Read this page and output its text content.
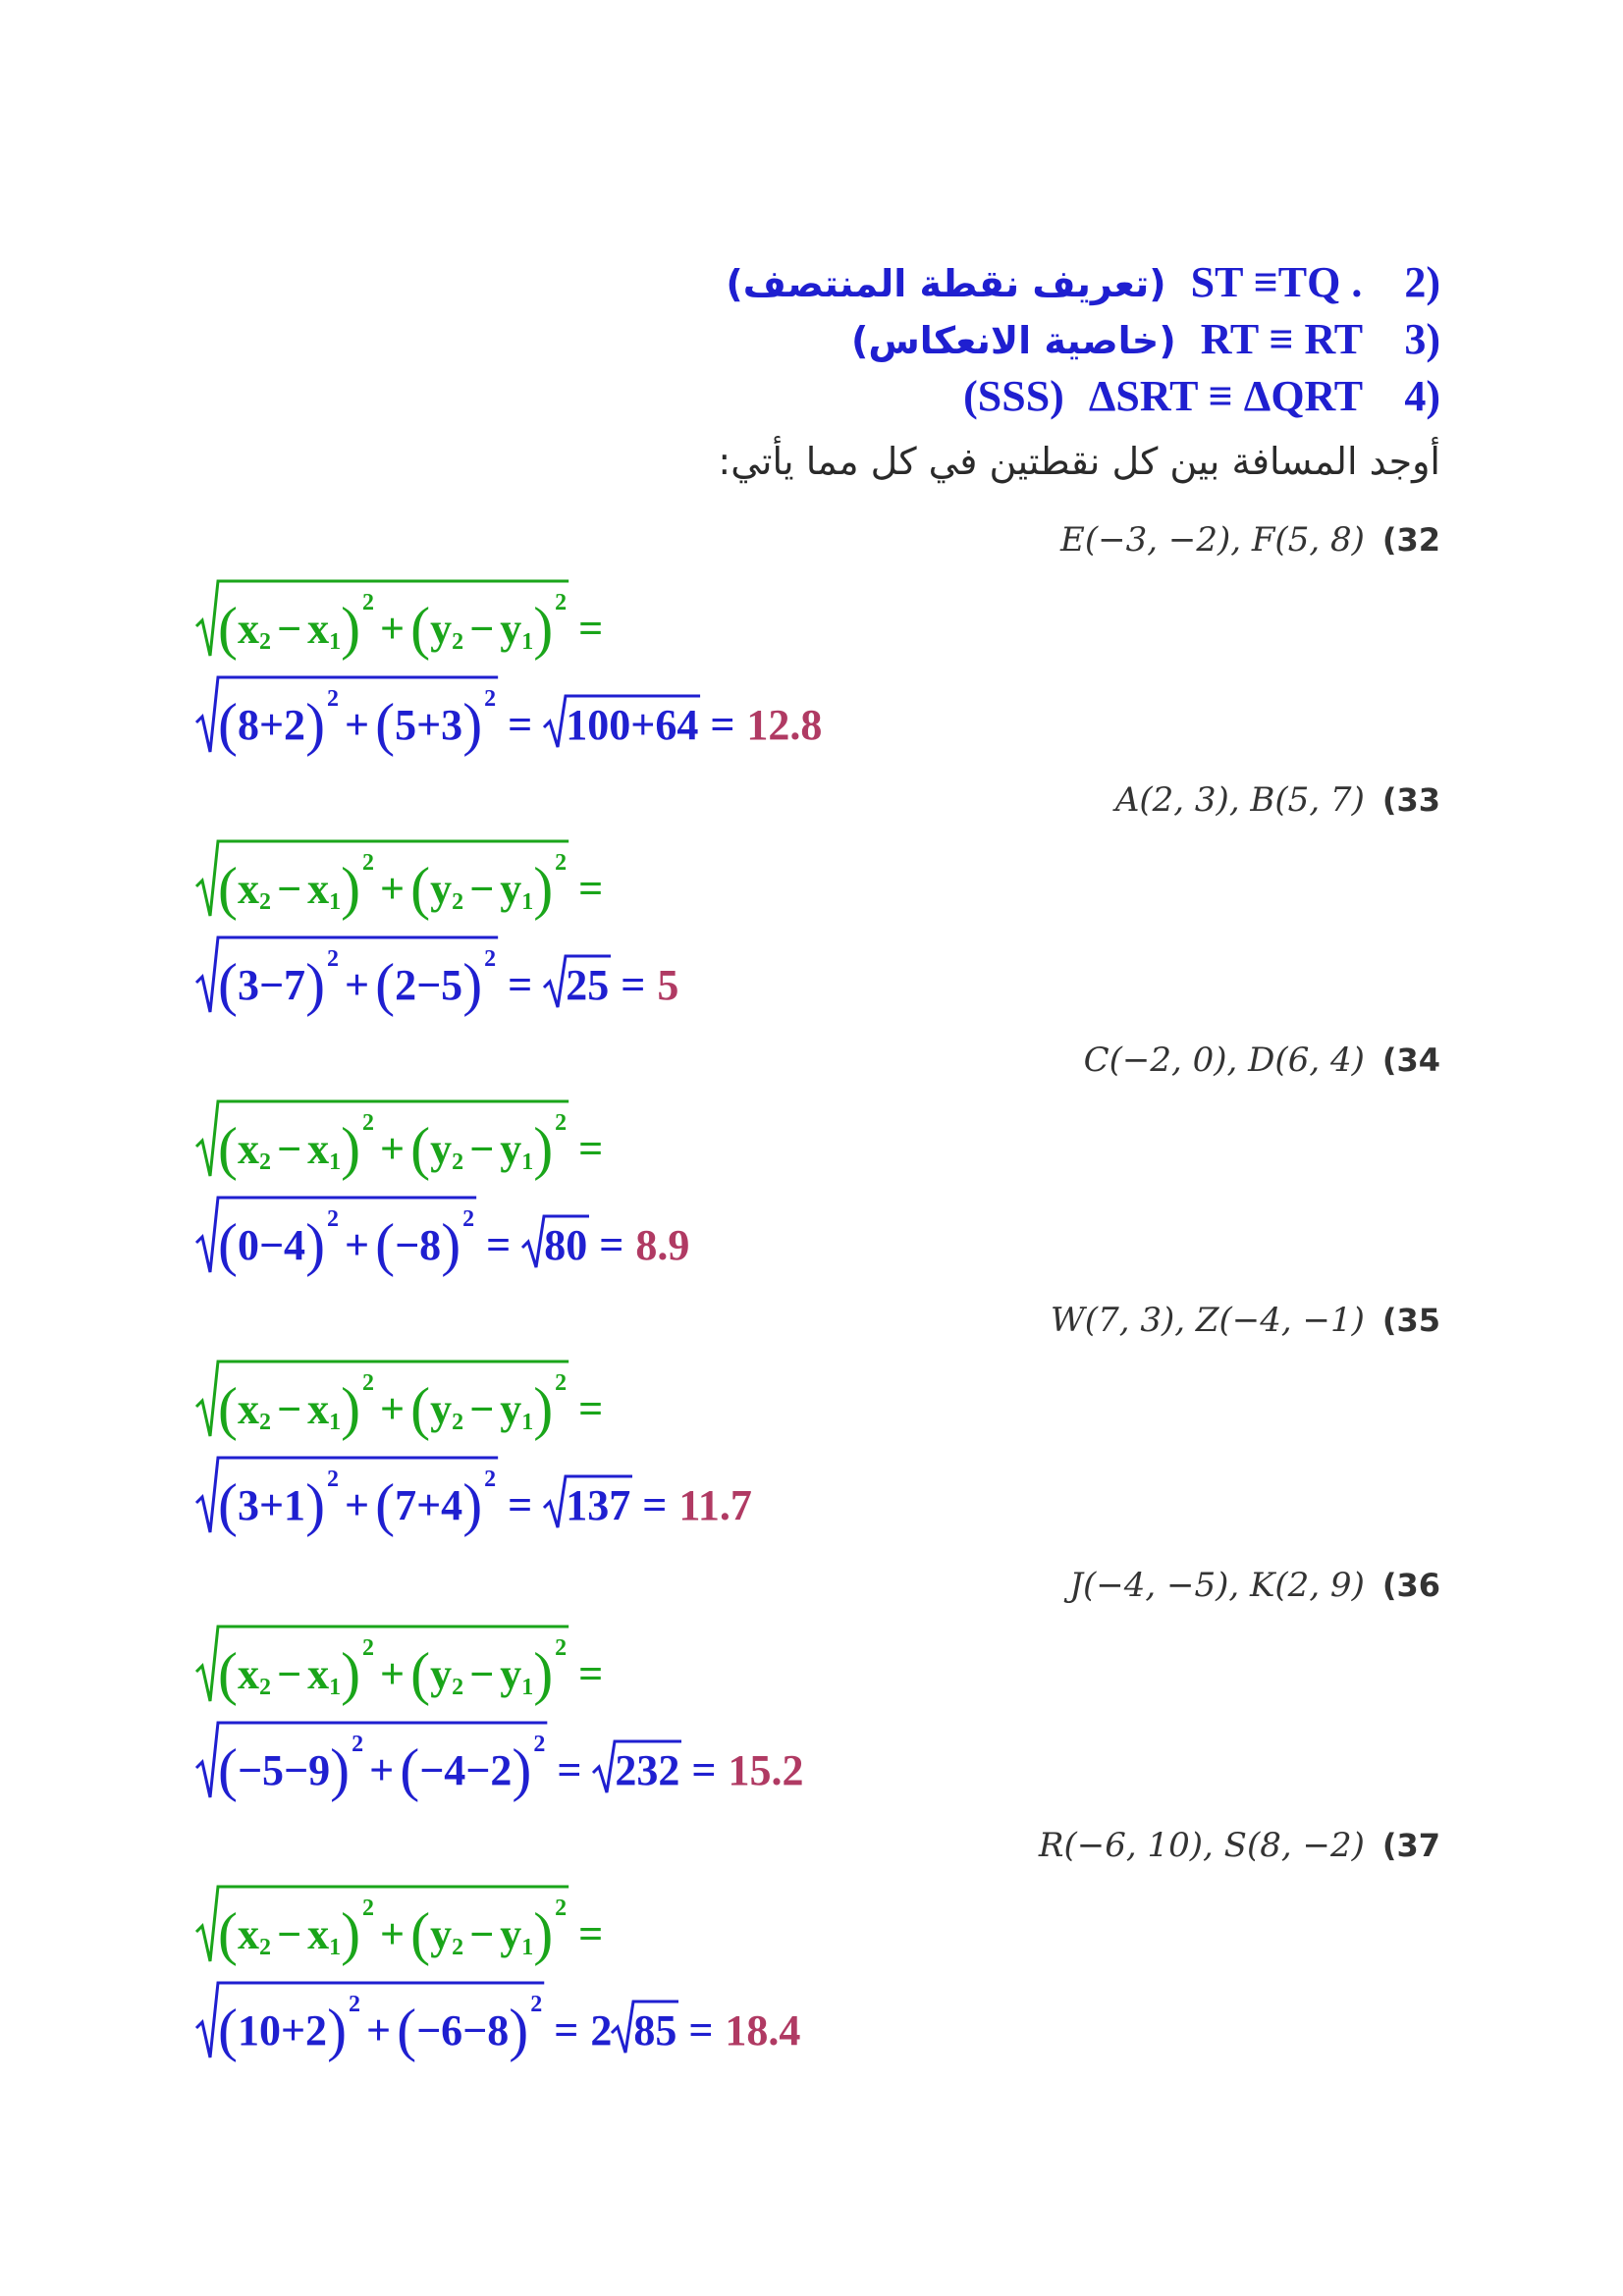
(تعريف نقطة المنتصف) ST ≡TQ . 2)
(خاصية الانعكاس) RT ≡ RT 3)
(SSS) ΔSRT ≡ ΔQRT 4)
أوجد المسافة بين كل نقطتين في كل مما يأتي:
E(−3, −2), F(5, 8) (32
( x 2 − x 1 ) 2
+ ( y 2 − y 1 ) 2
=
( 8+2 ) 2
+ ( 5+3 ) 2
= 100+64 = 12.8
A(2, 3), B(5, 7) (33
( x 2 − x 1 ) 2
+ ( y 2 − y 1 ) 2
=
( 3−7 ) 2
+ ( 2−5 ) 2
= 25 = 5
C(−2, 0), D(6, 4) (34
( x 2 − x 1 ) 2
+ ( y 2 − y 1 ) 2
=
( 0−4 ) 2
+ ( −8 ) 2
= 80 = 8.9
W(7, 3), Z(−4, −1) (35
( x 2 − x 1 ) 2
+ ( y 2 − y 1 ) 2
=
( 3+1 ) 2
+ ( 7+4 ) 2
= 137 = 11.7
J(−4, −5), K(2, 9) (36
( x 2 − x 1 ) 2
+ ( y 2 − y 1 ) 2
=
( −5−9 ) 2
+ ( −4−2 ) 2
= 232 = 15.2
R(−6, 10), S(8, −2) (37
( x 2 − x 1 ) 2
+ ( y 2 − y 1 ) 2
=
( 10+2 ) 2
+ ( −6−8 ) 2
= 2 85 = 18.4
